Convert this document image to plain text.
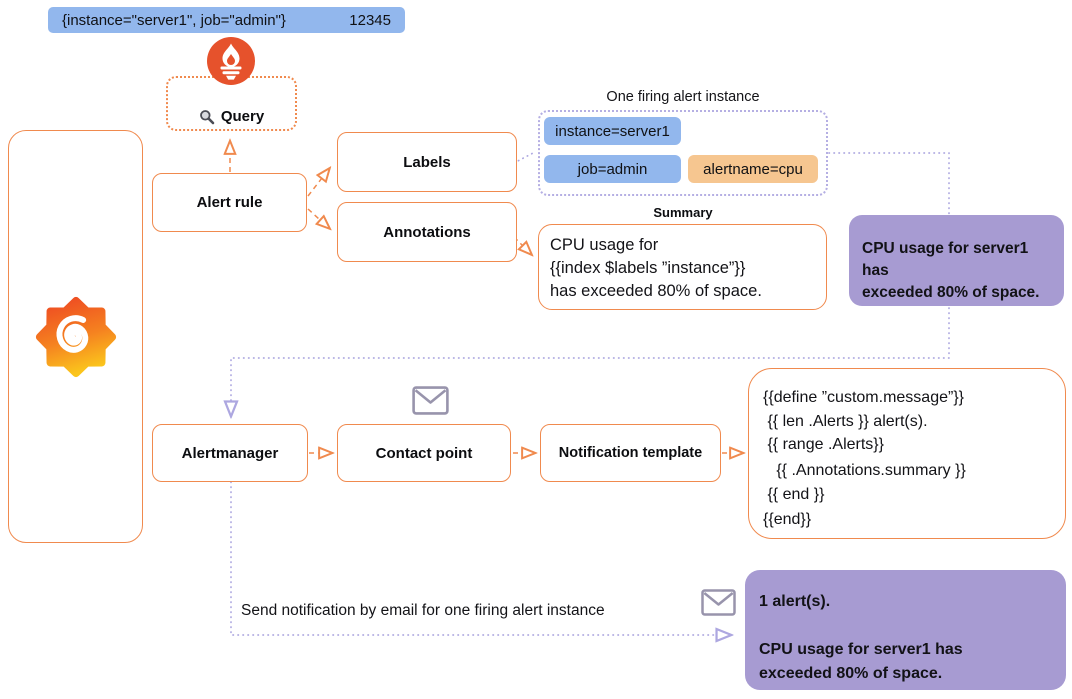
{instance="server1", job="admin"}	12345
Query
Alert rule
Labels
Annotations
One firing alert instance
instance=server1
job=admin	alertname=cpu
Summary
CPU usage for
{{index $labels ”instance”}}
has exceeded 80% of space.
CPU usage for server1 has
exceeded 80% of space.
Alertmanager	Contact point	Notification template
{{define ”custom.message”}}
{{ len .Alerts }} alert(s).
{{ range .Alerts}}
{{ .Annotations.summary }}
{{ end }}
{{end}}
Send notification by email for one firing alert instance
1 alert(s).
CPU usage for server1 has
exceeded 80% of space.
